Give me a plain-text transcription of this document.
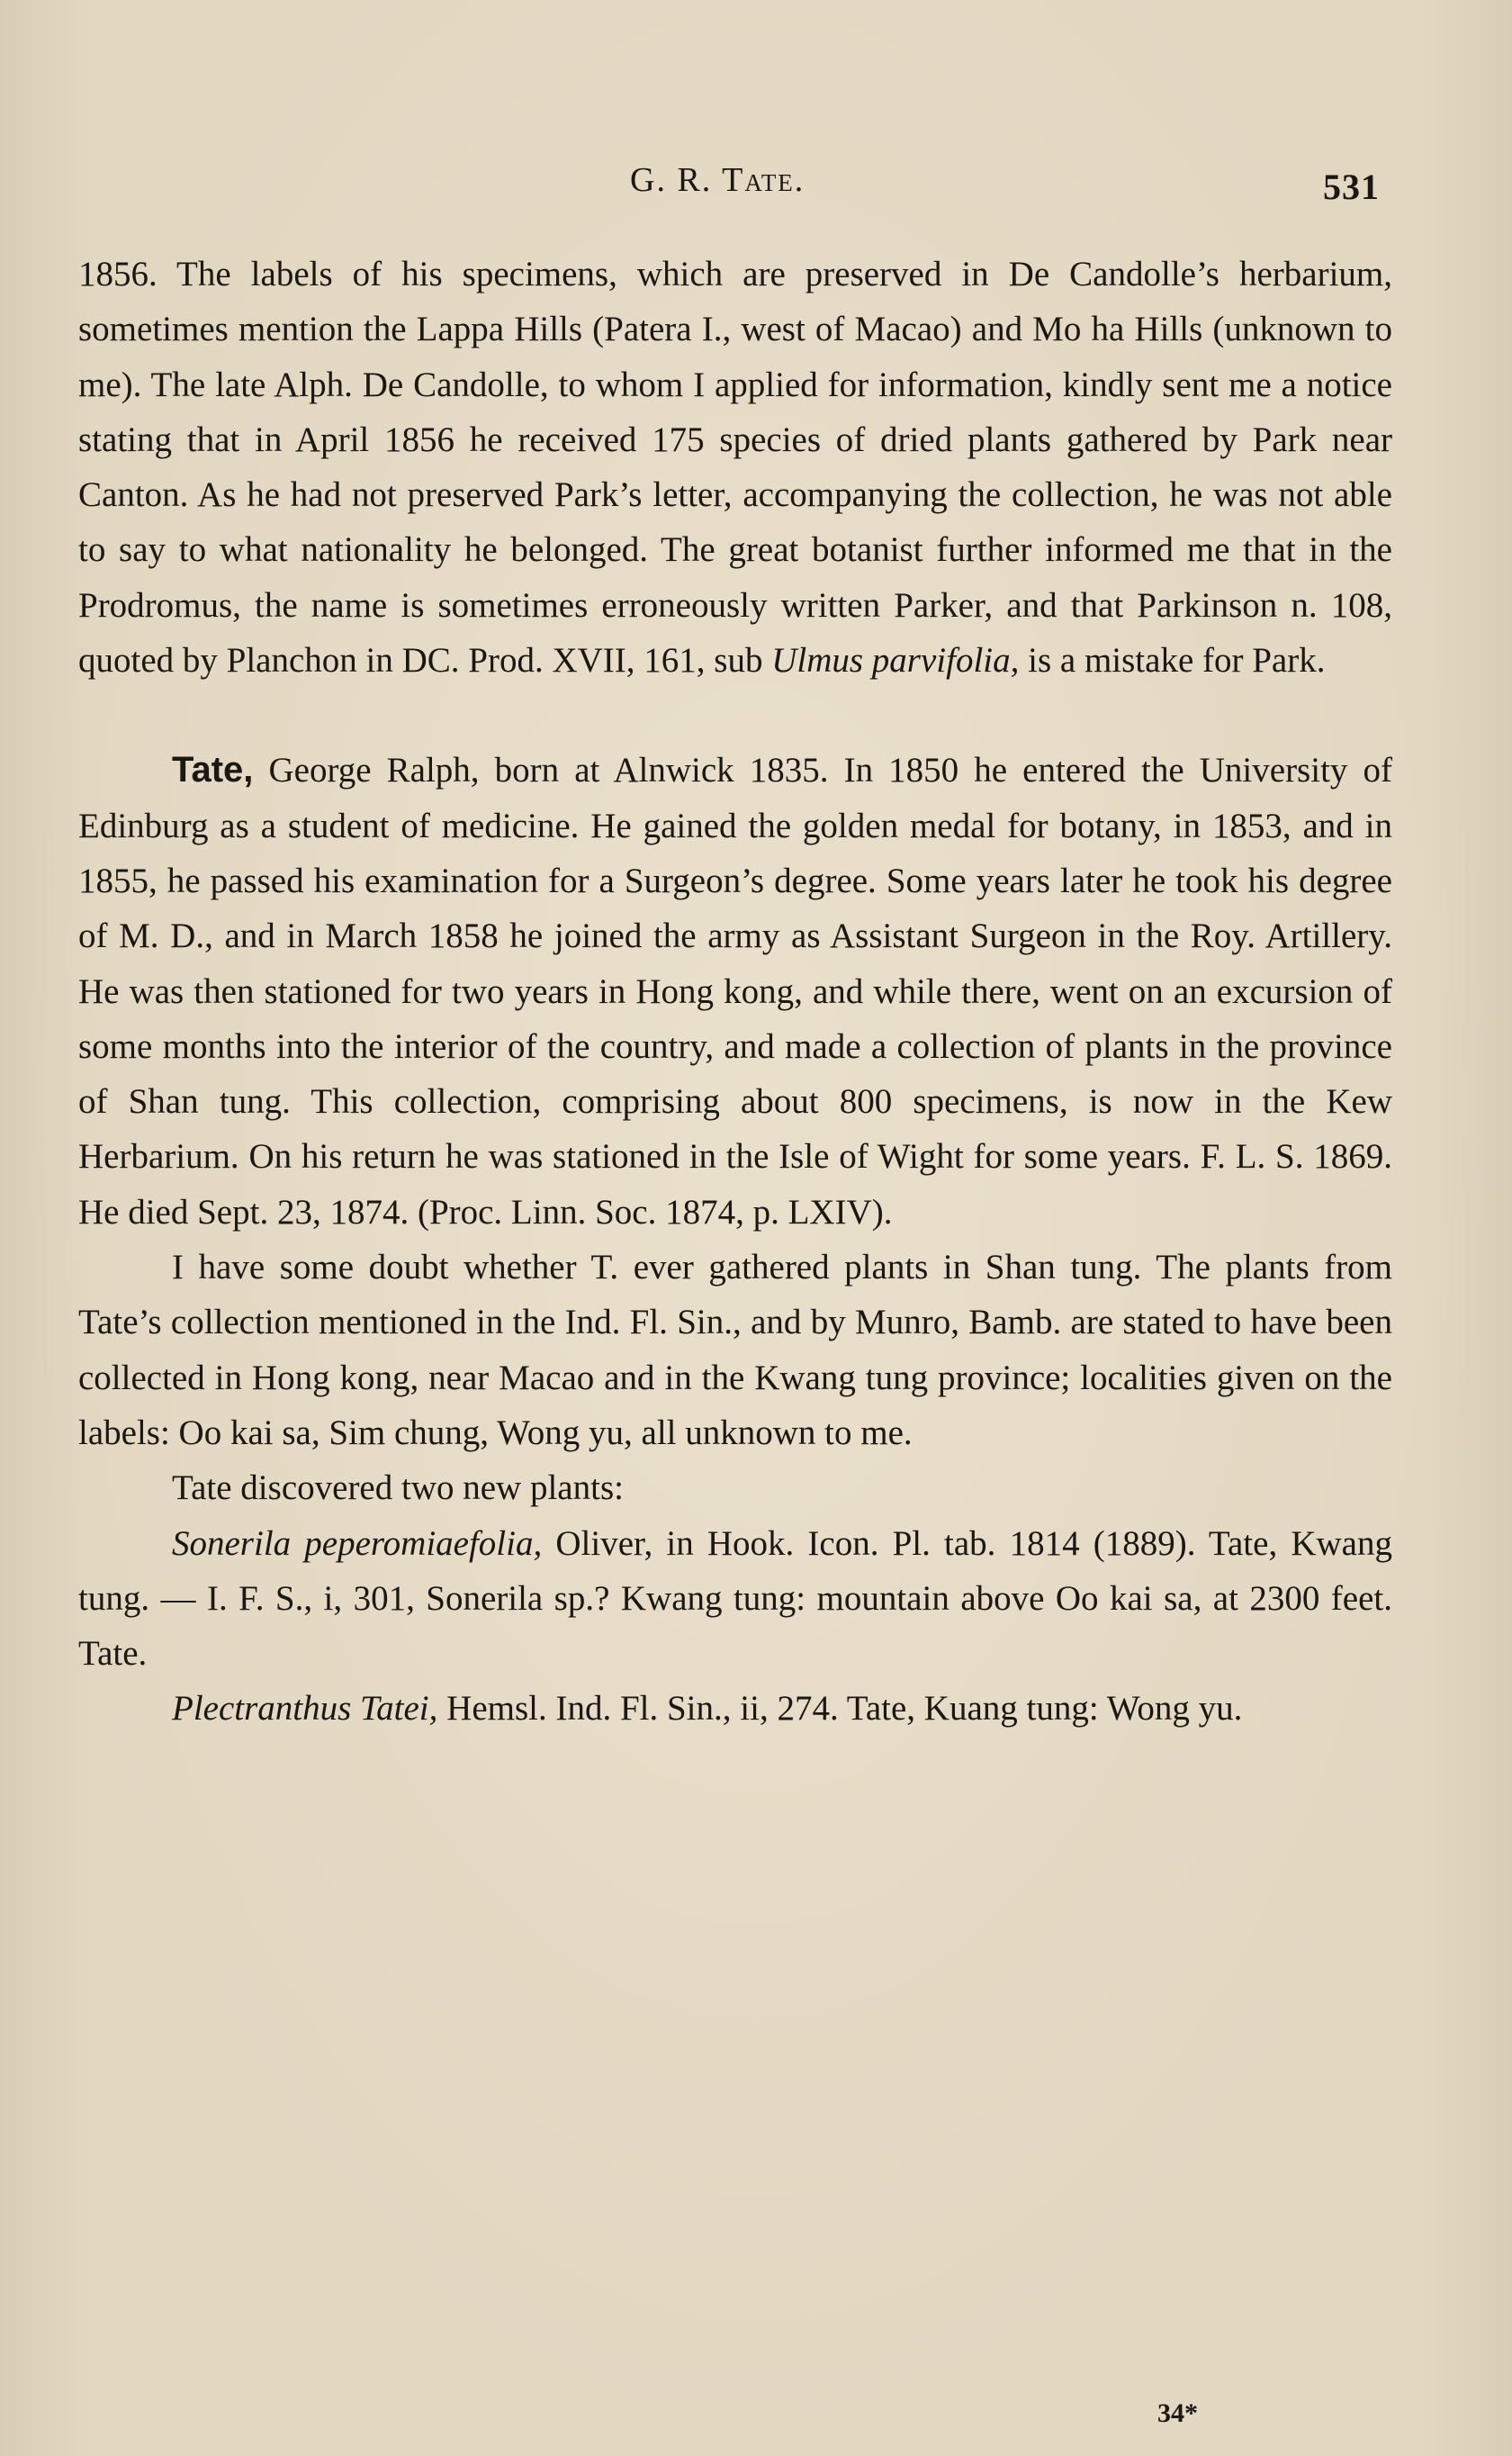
G. R. Tate.	531

1856. The labels of his specimens, which are preserved in De Candolle’s herbarium, sometimes mention the Lappa Hills (Patera I., west of Macao) and Mo ha Hills (unknown to me). The late Alph. De Candolle, to whom I applied for information, kindly sent me a notice stating that in April 1856 he received 175 species of dried plants gathered by Park near Canton. As he had not preserved Park’s letter, accompanying the collection, he was not able to say to what nationality he belonged. The great botanist further informed me that in the Prodromus, the name is sometimes erroneously written Parker, and that Parkinson n. 108, quoted by Planchon in DC. Prod. XVII, 161, sub Ulmus parvifolia, is a mistake for Park.

Tate, George Ralph, born at Alnwick 1835. In 1850 he entered the University of Edinburg as a student of medicine. He gained the golden medal for botany, in 1853, and in 1855, he passed his examination for a Surgeon’s degree. Some years later he took his degree of M. D., and in March 1858 he joined the army as Assistant Surgeon in the Roy. Artillery. He was then stationed for two years in Hong kong, and while there, went on an excursion of some months into the interior of the country, and made a collection of plants in the province of Shan tung. This collection, comprising about 800 specimens, is now in the Kew Herbarium. On his return he was stationed in the Isle of Wight for some years. F. L. S. 1869. He died Sept. 23, 1874. (Proc. Linn. Soc. 1874, p. LXIV).

I have some doubt whether T. ever gathered plants in Shan tung. The plants from Tate’s collection mentioned in the Ind. Fl. Sin., and by Munro, Bamb. are stated to have been collected in Hong kong, near Macao and in the Kwang tung province; localities given on the labels: Oo kai sa, Sim chung, Wong yu, all unknown to me.

Tate discovered two new plants:

Sonerila peperomiaefolia, Oliver, in Hook. Icon. Pl. tab. 1814 (1889). Tate, Kwang tung. — I. F. S., i, 301, Sonerila sp.? Kwang tung: mountain above Oo kai sa, at 2300 feet. Tate.

Plectranthus Tatei, Hemsl. Ind. Fl. Sin., ii, 274. Tate, Kuang tung: Wong yu.

34*
